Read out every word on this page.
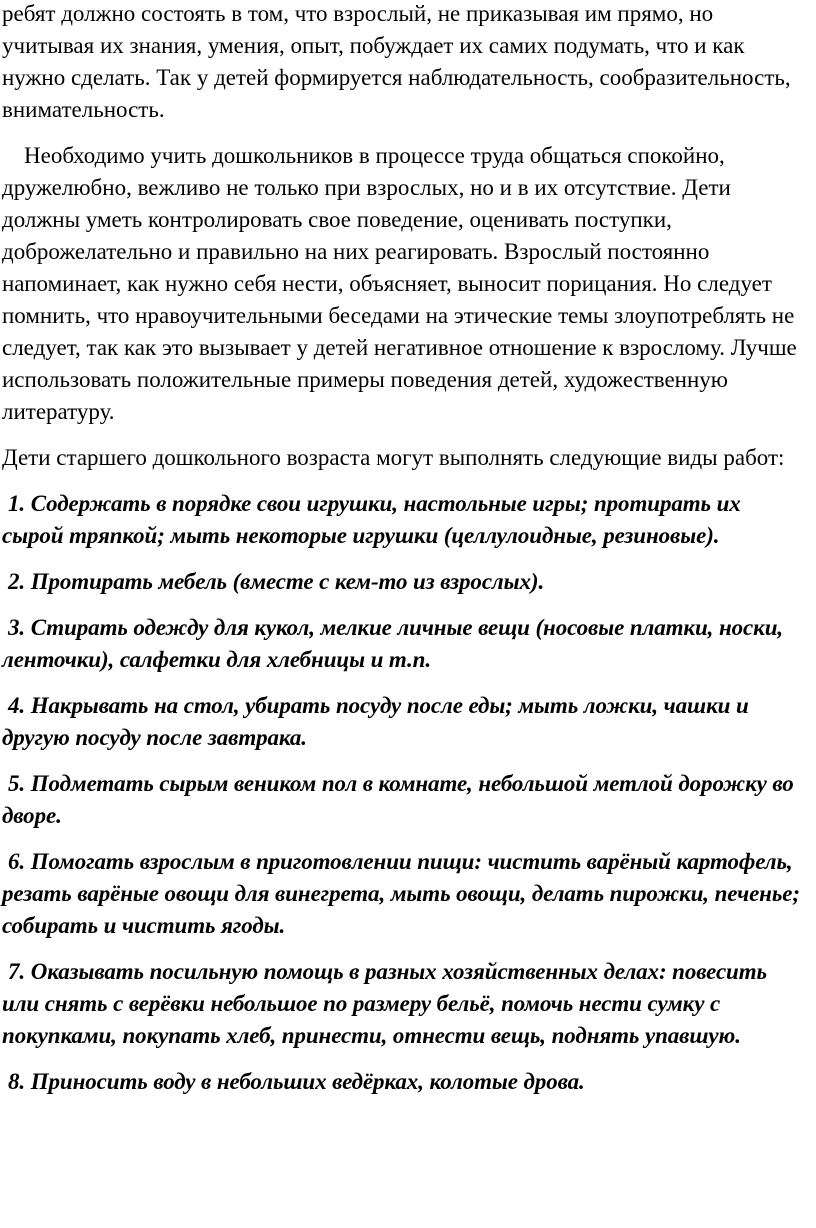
ребят должно состоять в том, что взрослый, не приказывая им прямо, но учитывая их знания, умения, опыт, побуждает их самих подумать, что и как нужно сделать. Так у детей формируется наблюдательность, сообразительность, внимательность.

Необходимо учить дошкольников в процессе труда общаться спокойно, дружелюбно, вежливо не только при взрослых, но и в их отсутствие. Дети должны уметь контролировать свое поведение, оценивать поступки, доброжелательно и правильно на них реагировать. Взрослый постоянно напоминает, как нужно себя нести, объясняет, выносит порицания. Но следует помнить, что нравоучительными беседами на этические темы злоупотреблять не следует, так как это вызывает у детей негативное отношение к взрослому. Лучше использовать положительные примеры поведения детей, художественную литературу.

Дети старшего дошкольного возраста могут выполнять следующие виды работ:

1. Содержать в порядке свои игрушки, настольные игры; протирать их сырой тряпкой; мыть некоторые игрушки (целлулоидные, резиновые).

2. Протирать мебель (вместе с кем-то из взрослых).

3. Стирать одежду для кукол, мелкие личные вещи (носовые платки, носки, ленточки), салфетки для хлебницы и т.п.

4. Накрывать на стол, убирать посуду после еды; мыть ложки, чашки и другую посуду после завтрака.

5. Подметать сырым веником пол в комнате, небольшой метлой дорожку во дворе.

6. Помогать взрослым в приготовлении пищи: чистить варёный картофель, резать варёные овощи для винегрета, мыть овощи, делать пирожки, печенье; собирать и чистить ягоды.

7. Оказывать посильную помощь в разных хозяйственных делах: повесить или снять с верёвки небольшое по размеру бельё, помочь нести сумку с покупками, покупать хлеб, принести, отнести вещь, поднять упавшую.

8. Приносить воду в небольших ведёрках, колотые дрова.
